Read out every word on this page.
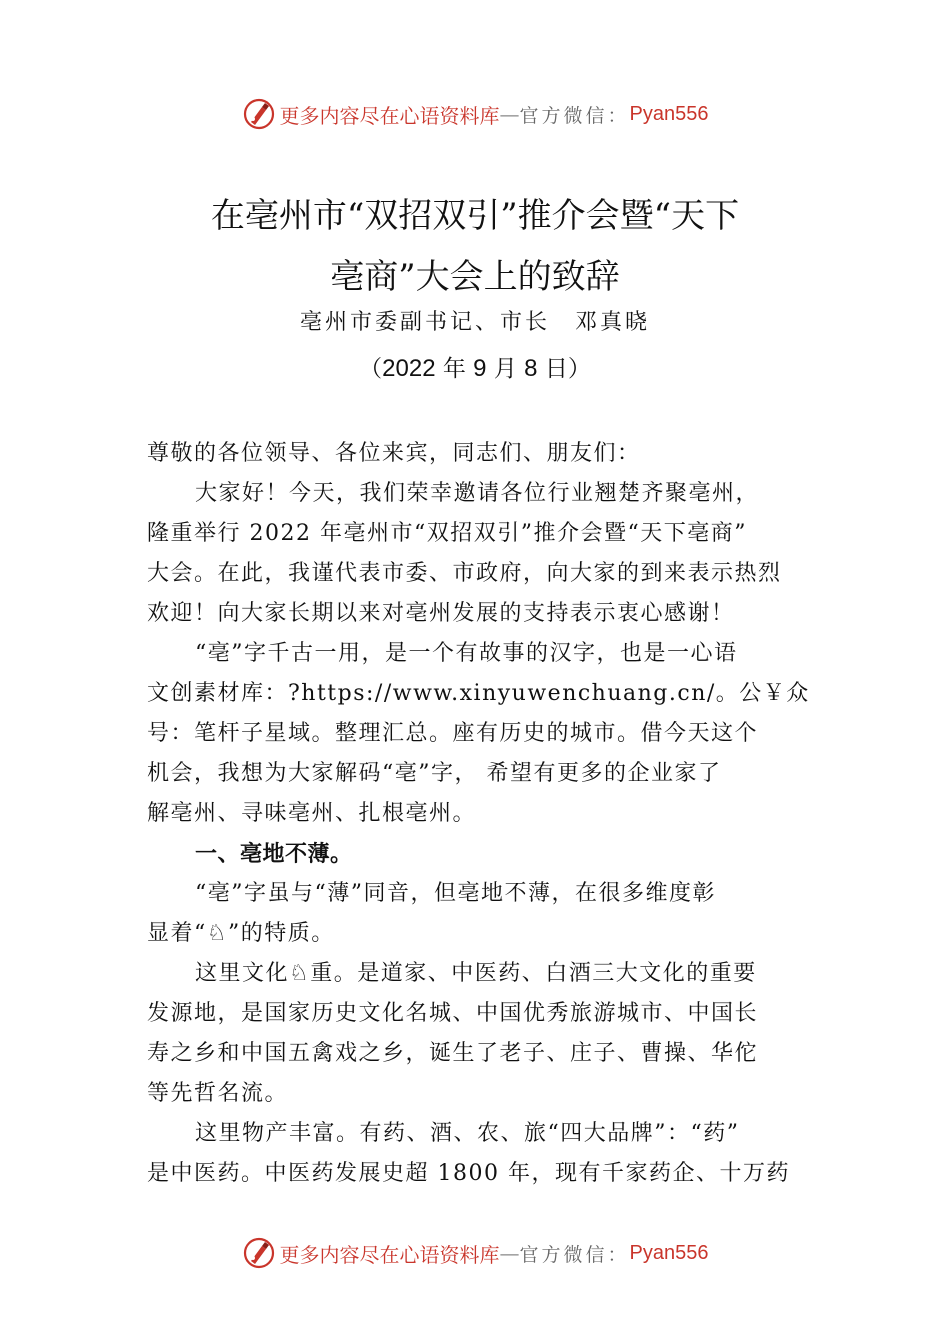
更多内容尽在心语资料库 — 官方微信： Pyan556
在亳州市“双招双引”推介会暨“天下
亳商”大会上的致辞
亳州市委副书记、市长　邓真晓
（2022 年 9 月 8 日）
尊敬的各位领导、各位来宾，同志们、朋友们：
大家好！今天，我们荣幸邀请各位行业翘楚齐聚亳州，
隆重举行 2022 年亳州市“双招双引”推介会暨“天下亳商”
大会。在此，我谨代表市委、市政府，向大家的到来表示热烈
欢迎！向大家长期以来对亳州发展的支持表示衷心感谢！
“亳”字千古一用，是一个有故事的汉字，也是一心语
文创素材库：?https://www.xinyuwenchuang.cn/。公￥众
号：笔杆子星域。整理汇总。座有历史的城市。借今天这个
机会，我想为大家解码“亳”字， 希望有更多的企业家了
解亳州、寻味亳州、扎根亳州。
一、亳地不薄。
“亳”字虽与“薄”同音，但亳地不薄，在很多维度彰
显着“♘”的特质。
这里文化♘重。是道家、中医药、白酒三大文化的重要
发源地，是国家历史文化名城、中国优秀旅游城市、中国长
寿之乡和中国五禽戏之乡，诞生了老子、庄子、曹操、华佗
等先哲名流。
这里物产丰富。有药、酒、农、旅“四大品牌”：“药”
是中医药。中医药发展史超 1800 年，现有千家药企、十万药
更多内容尽在心语资料库 — 官方微信： Pyan556
